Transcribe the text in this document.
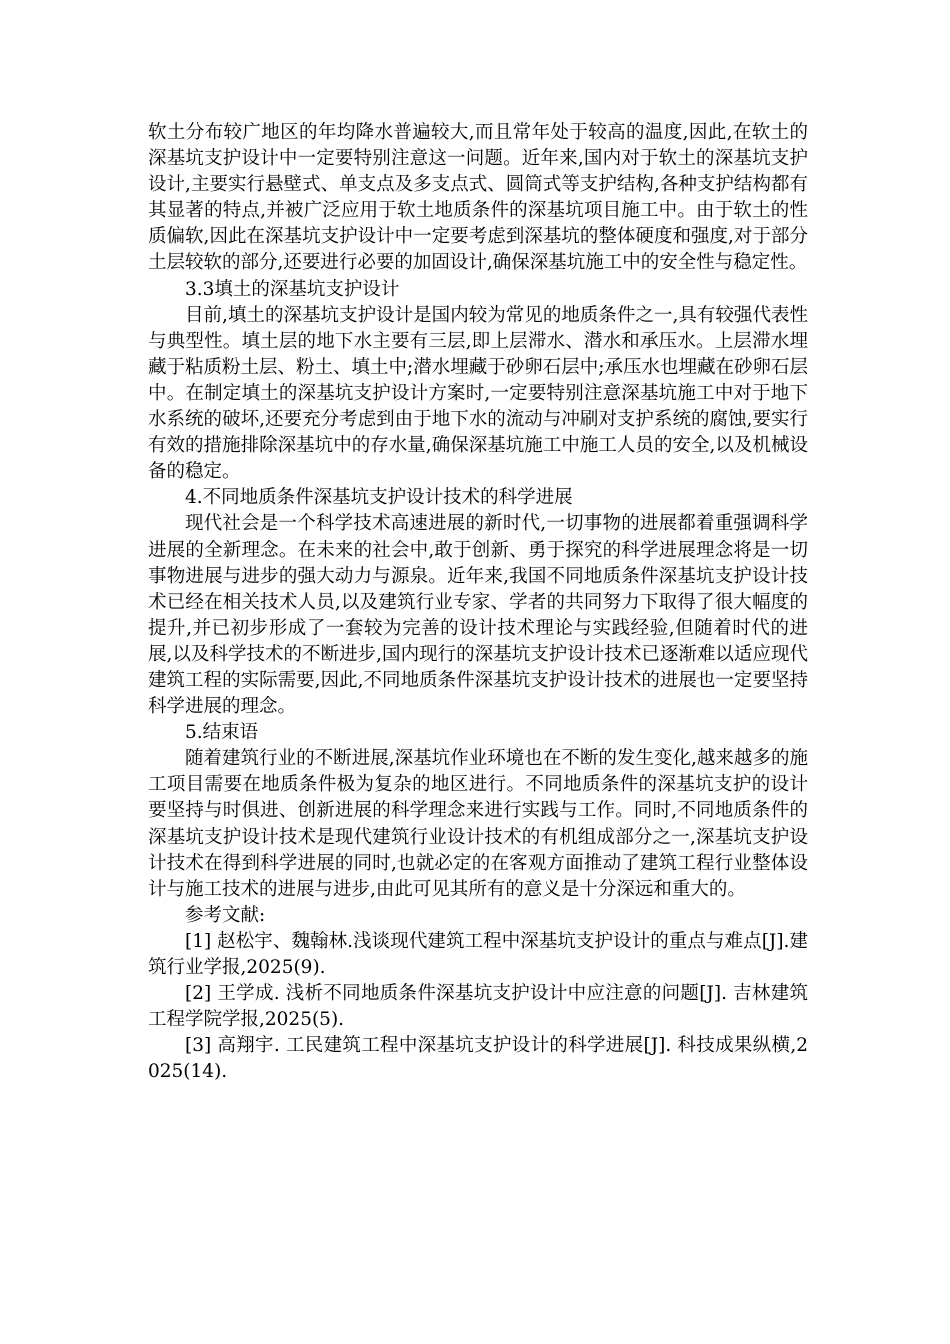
软土分布较广地区的年均降水普遍较大,而且常年处于较高的温度,因此,在软土的深基坑支护设计中一定要特别注意这一问题。近年来,国内对于软土的深基坑支护设计,主要实行悬壁式、单支点及多支点式、圆筒式等支护结构,各种支护结构都有其显著的特点,并被广泛应用于软土地质条件的深基坑项目施工中。由于软土的性质偏软,因此在深基坑支护设计中一定要考虑到深基坑的整体硬度和强度,对于部分土层较软的部分,还要进行必要的加固设计,确保深基坑施工中的安全性与稳定性。

3.3填土的深基坑支护设计

目前,填土的深基坑支护设计是国内较为常见的地质条件之一,具有较强代表性与典型性。填土层的地下水主要有三层,即上层滞水、潜水和承压水。上层滞水埋藏于粘质粉土层、粉土、填土中;潜水埋藏于砂卵石层中;承压水也埋藏在砂卵石层中。在制定填土的深基坑支护设计方案时,一定要特别注意深基坑施工中对于地下水系统的破坏,还要充分考虑到由于地下水的流动与冲刷对支护系统的腐蚀,要实行有效的措施排除深基坑中的存水量,确保深基坑施工中施工人员的安全,以及机械设备的稳定。

4.不同地质条件深基坑支护设计技术的科学进展

现代社会是一个科学技术高速进展的新时代,一切事物的进展都着重强调科学进展的全新理念。在未来的社会中,敢于创新、勇于探究的科学进展理念将是一切事物进展与进步的强大动力与源泉。近年来,我国不同地质条件深基坑支护设计技术已经在相关技术人员,以及建筑行业专家、学者的共同努力下取得了很大幅度的提升,并已初步形成了一套较为完善的设计技术理论与实践经验,但随着时代的进展,以及科学技术的不断进步,国内现行的深基坑支护设计技术已逐渐难以适应现代建筑工程的实际需要,因此,不同地质条件深基坑支护设计技术的进展也一定要坚持科学进展的理念。

5.结束语

随着建筑行业的不断进展,深基坑作业环境也在不断的发生变化,越来越多的施工项目需要在地质条件极为复杂的地区进行。不同地质条件的深基坑支护的设计要坚持与时俱进、创新进展的科学理念来进行实践与工作。同时,不同地质条件的深基坑支护设计技术是现代建筑行业设计技术的有机组成部分之一,深基坑支护设计技术在得到科学进展的同时,也就必定的在客观方面推动了建筑工程行业整体设计与施工技术的进展与进步,由此可见其所有的意义是十分深远和重大的。

参考文献:

[1] 赵松宇、魏翰林.浅谈现代建筑工程中深基坑支护设计的重点与难点[J].建筑行业学报,2025(9).

[2] 王学成. 浅析不同地质条件深基坑支护设计中应注意的问题[J]. 吉林建筑工程学院学报,2025(5).

[3] 高翔宇. 工民建筑工程中深基坑支护设计的科学进展[J]. 科技成果纵横,2025(14).
